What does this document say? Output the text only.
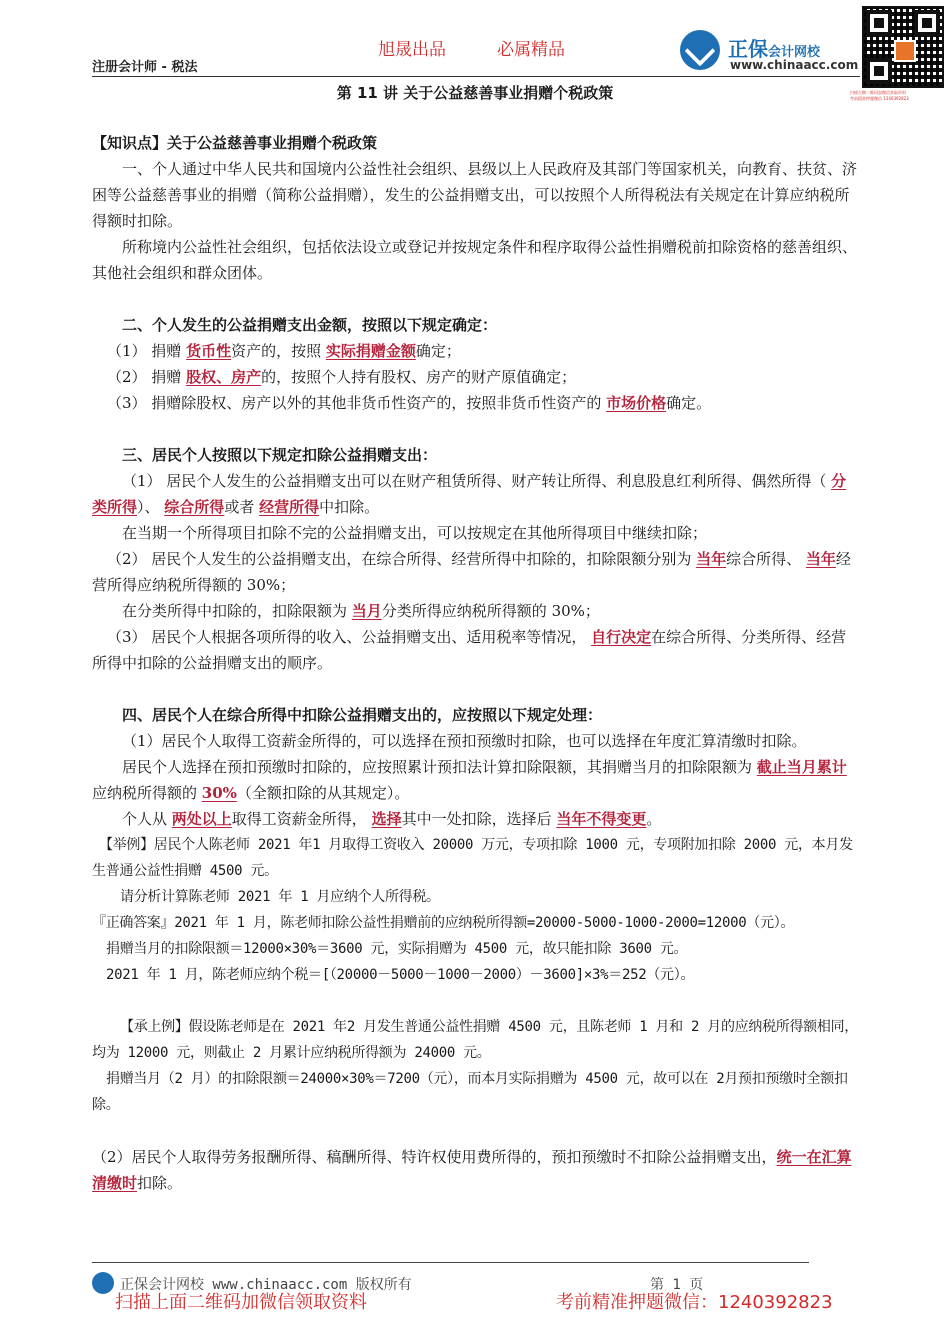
旭晟出品	必属精品
注册会计师 - 税法
正保会计网校
www.chinaacc.com
扫描左侧二维码加微信获取资料
考前精准押题微信 1240392823
第 11 讲 关于公益慈善事业捐赠个税政策

【知识点】关于公益慈善事业捐赠个税政策

一、个人通过中华人民共和国境内公益性社会组织、县级以上人民政府及其部门等国家机关，向教育、扶贫、济困等公益慈善事业的捐赠（简称公益捐赠），发生的公益捐赠支出，可以按照个人所得税法有关规定在计算应纳税所得额时扣除。

所称境内公益性社会组织，包括依法设立或登记并按规定条件和程序取得公益性捐赠税前扣除资格的慈善组织、其他社会组织和群众团体。

二、个人发生的公益捐赠支出金额，按照以下规定确定：

（1） 捐赠 货币性资产的，按照 实际捐赠金额确定；

（2） 捐赠 股权、房产的，按照个人持有股权、房产的财产原值确定；

（3） 捐赠除股权、房产以外的其他非货币性资产的，按照非货币性资产的 市场价格确定。

三、居民个人按照以下规定扣除公益捐赠支出：

（1） 居民个人发生的公益捐赠支出可以在财产租赁所得、财产转让所得、利息股息红利所得、偶然所得（ 分类所得）、 综合所得或者 经营所得中扣除。

在当期一个所得项目扣除不完的公益捐赠支出，可以按规定在其他所得项目中继续扣除；

（2） 居民个人发生的公益捐赠支出，在综合所得、经营所得中扣除的，扣除限额分别为 当年综合所得、 当年经营所得应纳税所得额的 30%；

在分类所得中扣除的，扣除限额为 当月分类所得应纳税所得额的 30%；

（3） 居民个人根据各项所得的收入、公益捐赠支出、适用税率等情况， 自行决定在综合所得、分类所得、经营所得中扣除的公益捐赠支出的顺序。

四、居民个人在综合所得中扣除公益捐赠支出的，应按照以下规定处理：

（1）居民个人取得工资薪金所得的，可以选择在预扣预缴时扣除，也可以选择在年度汇算清缴时扣除。

居民个人选择在预扣预缴时扣除的，应按照累计预扣法计算扣除限额，其捐赠当月的扣除限额为 截止当月累计应纳税所得额的 30%（全额扣除的从其规定）。

个人从 两处以上取得工资薪金所得， 选择其中一处扣除，选择后 当年不得变更。

【举例】居民个人陈老师 2021 年1 月取得工资收入 20000 万元，专项扣除 1000 元，专项附加扣除 2000 元，本月发生普通公益性捐赠 4500 元。

请分析计算陈老师 2021 年 1 月应纳个人所得税。

『正确答案』2021 年 1 月，陈老师扣除公益性捐赠前的应纳税所得额=20000-5000-1000-2000=12000（元）。

捐赠当月的扣除限额＝12000×30%＝3600 元，实际捐赠为 4500 元，故只能扣除 3600 元。

2021 年 1 月，陈老师应纳个税＝[（20000－5000－1000－2000）－3600]×3%＝252（元）。

【承上例】假设陈老师是在 2021 年2 月发生普通公益性捐赠 4500 元，且陈老师 1 月和 2 月的应纳税所得额相同，均为 12000 元，则截止 2 月累计应纳税所得额为 24000 元。

捐赠当月（2 月）的扣除限额＝24000×30%＝7200（元），而本月实际捐赠为 4500 元，故可以在 2月预扣预缴时全额扣除。

（2）居民个人取得劳务报酬所得、稿酬所得、特许权使用费所得的，预扣预缴时不扣除公益捐赠支出，统一在汇算清缴时扣除。

正保会计网校 www.chinaacc.com 版权所有	第 1 页
扫描上面二维码加微信领取资料	考前精准押题微信：1240392823
